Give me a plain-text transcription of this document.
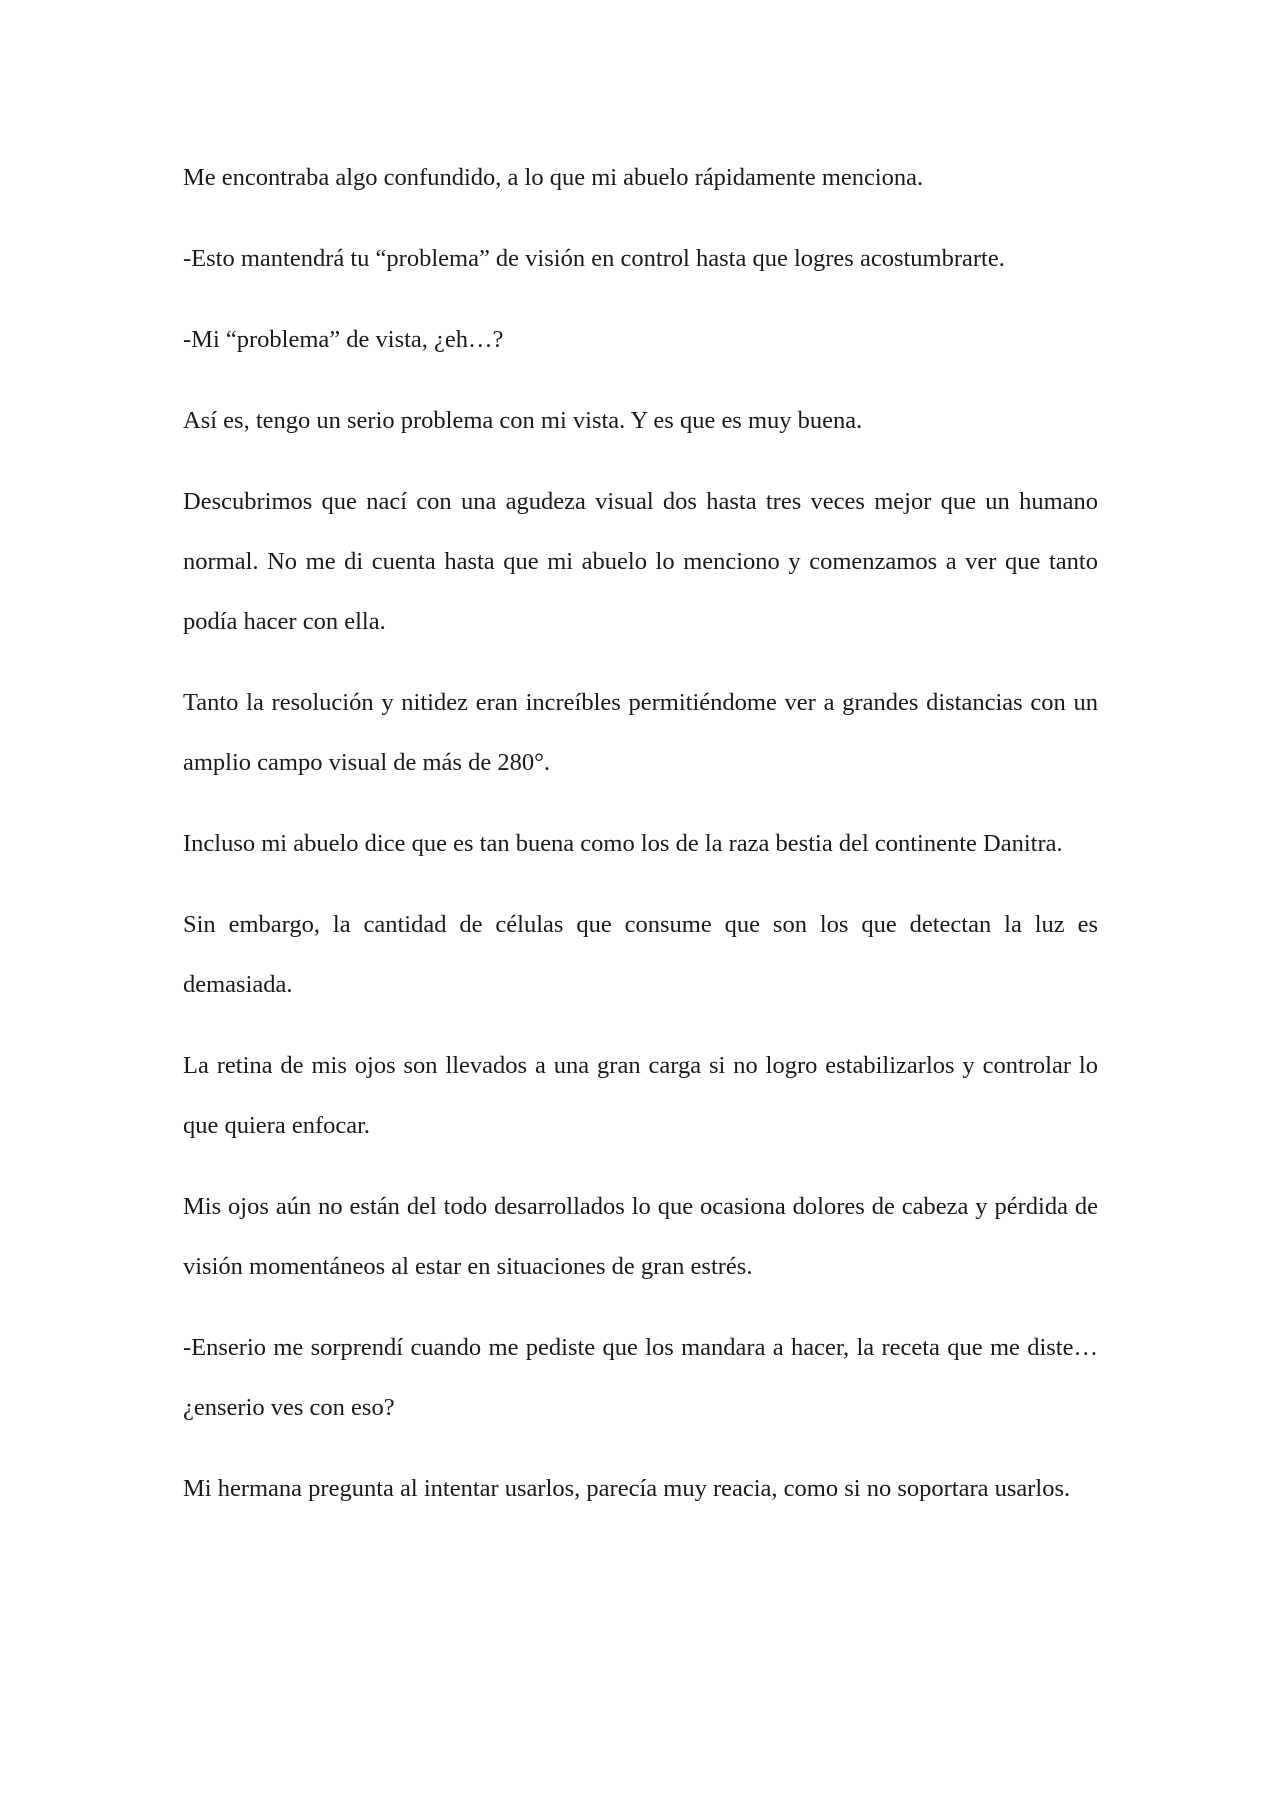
Me encontraba algo confundido, a lo que mi abuelo rápidamente menciona.

-Esto mantendrá tu “problema” de visión en control hasta que logres acostumbrarte.

-Mi “problema” de vista, ¿eh…?

Así es, tengo un serio problema con mi vista. Y es que es muy buena.

Descubrimos que nací con una agudeza visual dos hasta tres veces mejor que un humano normal. No me di cuenta hasta que mi abuelo lo menciono y comenzamos a ver que tanto podía hacer con ella.

Tanto la resolución y nitidez eran increíbles permitiéndome ver a grandes distancias con un amplio campo visual de más de 280°.

Incluso mi abuelo dice que es tan buena como los de la raza bestia del continente Danitra.

Sin embargo, la cantidad de células que consume que son los que detectan la luz es demasiada.

La retina de mis ojos son llevados a una gran carga si no logro estabilizarlos y controlar lo que quiera enfocar.

Mis ojos aún no están del todo desarrollados lo que ocasiona dolores de cabeza y pérdida de visión momentáneos al estar en situaciones de gran estrés.

-Enserio me sorprendí cuando me pediste que los mandara a hacer, la receta que me diste… ¿enserio ves con eso?

Mi hermana pregunta al intentar usarlos, parecía muy reacia, como si no soportara usarlos.
